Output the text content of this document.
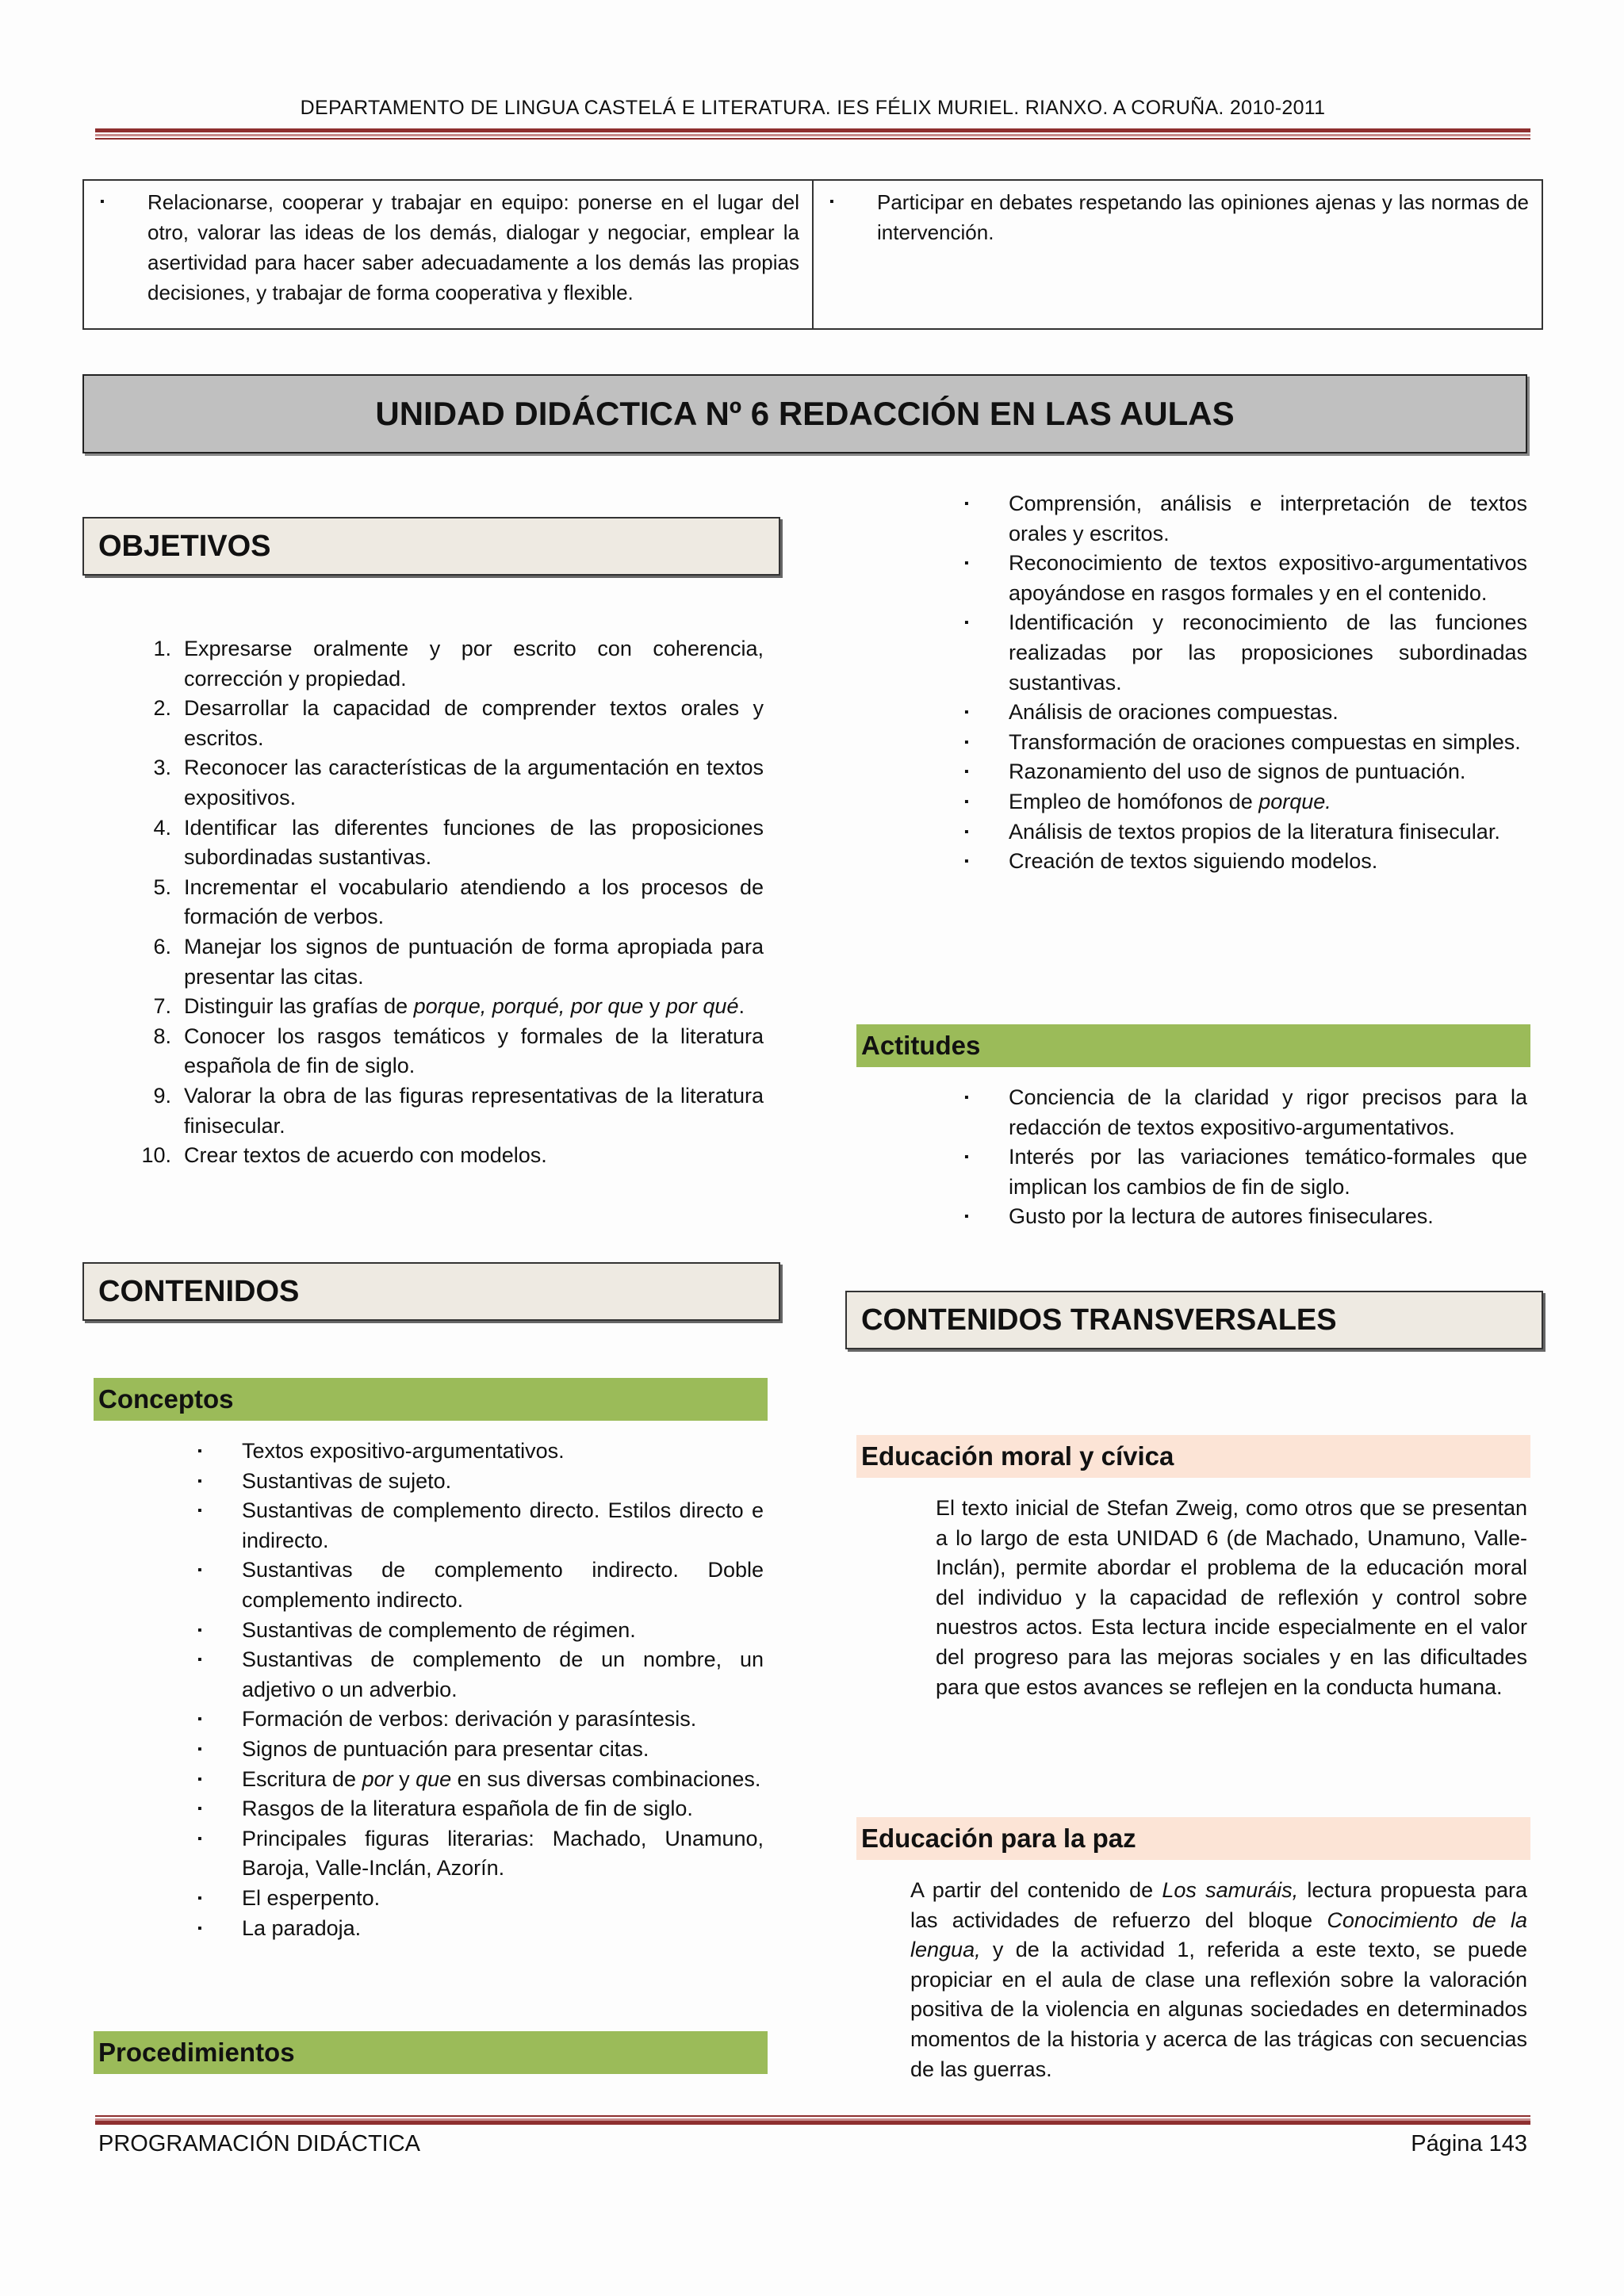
DEPARTAMENTO DE LINGUA CASTELÁ E LITERATURA. IES FÉLIX MURIEL. RIANXO. A CORUÑA. 2010-2011
▪	Relacionarse, cooperar y trabajar en equipo: ponerse en el lugar del otro, valorar las ideas de los demás, dialogar y negociar, emplear la asertividad para hacer saber adecuadamente a los demás las propias decisiones, y trabajar de forma cooperativa y flexible.
▪	Participar en debates respetando las opiniones ajenas y las normas de intervención.
UNIDAD DIDÁCTICA Nº 6 REDACCIÓN EN LAS AULAS
OBJETIVOS
1. Expresarse oralmente y por escrito con coherencia, corrección y propiedad.
2. Desarrollar la capacidad de comprender textos orales y escritos.
3. Reconocer las características de la argumentación en textos expositivos.
4. Identificar las diferentes funciones de las proposiciones subordinadas sustantivas.
5. Incrementar el vocabulario atendiendo a los procesos de formación de verbos.
6. Manejar los signos de puntuación de forma apropiada para presentar las citas.
7. Distinguir las grafías de porque, porqué, por que y por qué.
8. Conocer los rasgos temáticos y formales de la literatura española de fin de siglo.
9. Valorar la obra de las figuras representativas de la literatura finisecular.
10. Crear textos de acuerdo con modelos.
CONTENIDOS
Conceptos
▪	Textos expositivo-argumentativos.
▪	Sustantivas de sujeto.
▪	Sustantivas de complemento directo. Estilos directo e indirecto.
▪	Sustantivas de complemento indirecto. Doble complemento indirecto.
▪	Sustantivas de complemento de régimen.
▪	Sustantivas de complemento de un nombre, un adjetivo o un adverbio.
▪	Formación de verbos: derivación y parasíntesis.
▪	Signos de puntuación para presentar citas.
▪	Escritura de por y que en sus diversas combinaciones.
▪	Rasgos de la literatura española de fin de siglo.
▪	Principales figuras literarias: Machado, Unamuno, Baroja, Valle-Inclán, Azorín.
▪	El esperpento.
▪	La paradoja.
Procedimientos
▪	Comprensión, análisis e interpretación de textos orales y escritos.
▪	Reconocimiento de textos expositivo-argumentativos apoyándose en rasgos formales y en el contenido.
▪	Identificación y reconocimiento de las funciones realizadas por las proposiciones subordinadas sustantivas.
▪	Análisis de oraciones compuestas.
▪	Transformación de oraciones compuestas en simples.
▪	Razonamiento del uso de signos de puntuación.
▪	Empleo de homófonos de porque.
▪	Análisis de textos propios de la literatura finisecular.
▪	Creación de textos siguiendo modelos.
Actitudes
▪	Conciencia de la claridad y rigor precisos para la redacción de textos expositivo-argumentativos.
▪	Interés por las variaciones temático-formales que implican los cambios de fin de siglo.
▪	Gusto por la lectura de autores finiseculares.
CONTENIDOS TRANSVERSALES
Educación moral y cívica
El texto inicial de Stefan Zweig, como otros que se presentan a lo largo de esta UNIDAD 6 (de Machado, Unamuno, Valle-Inclán), permite abordar el problema de la educación moral del individuo y la capacidad de reflexión y control sobre nuestros actos. Esta lectura incide especialmente en el valor del progreso para las mejoras sociales y en las dificultades para que estos avances se reflejen en la conducta humana.
Educación para la paz
A partir del contenido de Los samuráis, lectura propuesta para las actividades de refuerzo del bloque Conocimiento de la lengua, y de la actividad 1, referida a este texto, se puede propiciar en el aula de clase una reflexión sobre la valoración positiva de la violencia en algunas sociedades en determinados momentos de la historia y acerca de las trágicas con secuencias de las guerras.
PROGRAMACIÓN DIDÁCTICA	Página 143
